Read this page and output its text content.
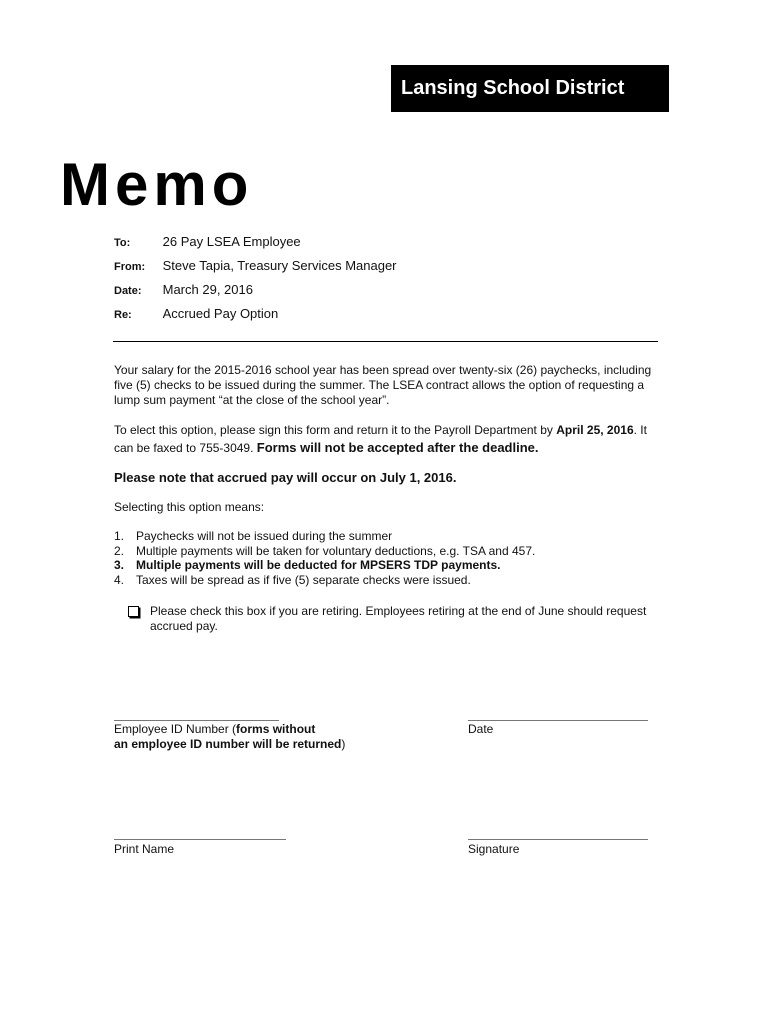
Lansing School District
Memo
To: 26 Pay LSEA Employee
From: Steve Tapia, Treasury Services Manager
Date: March 29, 2016
Re: Accrued Pay Option

Your salary for the 2015-2016 school year has been spread over twenty-six (26) paychecks, including five (5) checks to be issued during the summer. The LSEA contract allows the option of requesting a lump sum payment “at the close of the school year”.

To elect this option, please sign this form and return it to the Payroll Department by April 25, 2016. It can be faxed to 755-3049. Forms will not be accepted after the deadline.

Please note that accrued pay will occur on July 1, 2016.

Selecting this option means:

1. Paychecks will not be issued during the summer
2. Multiple payments will be taken for voluntary deductions, e.g. TSA and 457.
3. Multiple payments will be deducted for MPSERS TDP payments.
4. Taxes will be spread as if five (5) separate checks were issued.
Please check this box if you are retiring. Employees retiring at the end of June should request accrued pay.
Employee ID Number (forms without
an employee ID number will be returned)
Date
Print Name	Signature
